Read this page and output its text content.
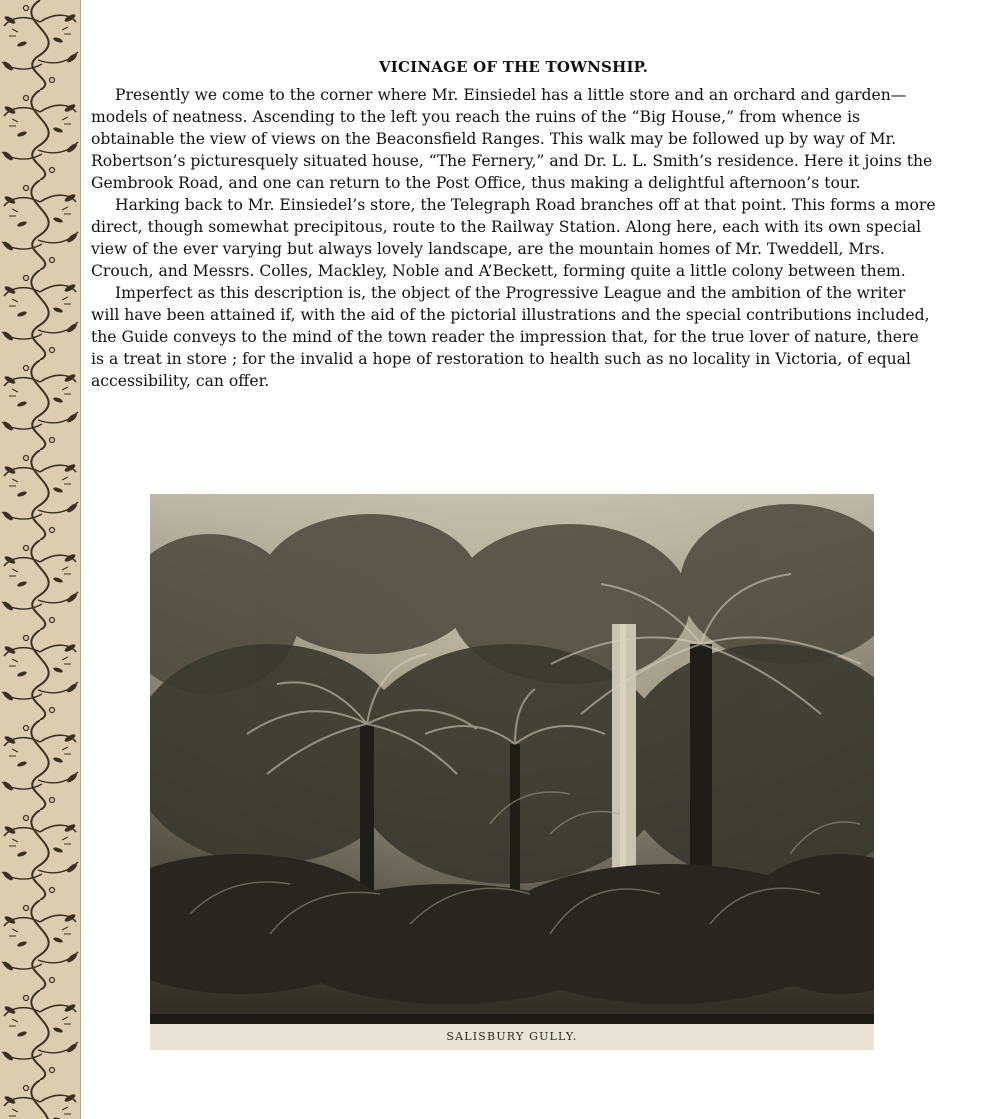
VICINAGE OF THE TOWNSHIP.

Presently we come to the corner where Mr. Einsiedel has a little store and an orchard and garden—models of neatness. Ascending to the left you reach the ruins of the “Big House,” from whence is obtainable the view of views on the Beaconsfield Ranges. This walk may be followed up by way of Mr. Robertson’s picturesquely situated house, “The Fernery,” and Dr. L. L. Smith’s residence. Here it joins the Gembrook Road, and one can return to the Post Office, thus making a delightful afternoon’s tour.

Harking back to Mr. Einsiedel’s store, the Telegraph Road branches off at that point. This forms a more direct, though somewhat precipitous, route to the Railway Station. Along here, each with its own special view of the ever varying but always lovely landscape, are the mountain homes of Mr. Tweddell, Mrs. Crouch, and Messrs. Colles, Mackley, Noble and A’Beckett, forming quite a little colony between them.

Imperfect as this description is, the object of the Progressive League and the ambition of the writer will have been attained if, with the aid of the pictorial illustrations and the special contributions included, the Guide conveys to the mind of the town reader the impression that, for the true lover of nature, there is a treat in store ; for the invalid a hope of restoration to health such as no locality in Victoria, of equal accessibility, can offer.

SALISBURY GULLY.
